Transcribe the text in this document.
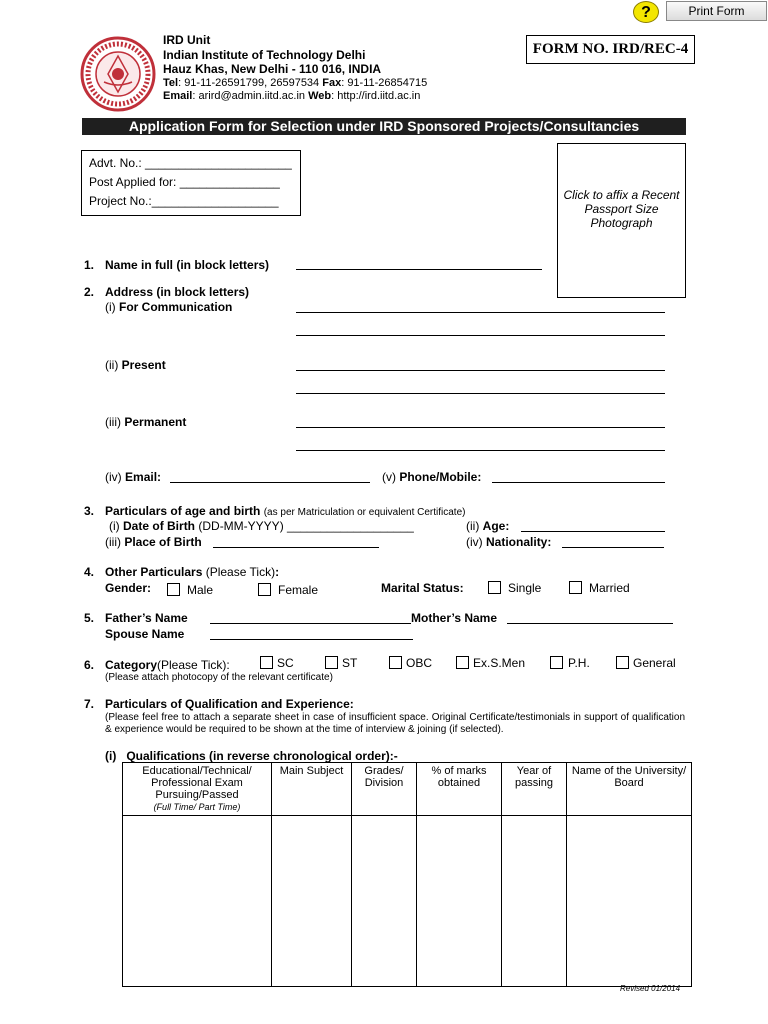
?	Print Form
IRD Unit
Indian Institute of Technology Delhi
Hauz Khas, New Delhi - 110 016, INDIA
Tel: 91-11-26591799, 26597534 Fax: 91-11-26854715
Email: arird@admin.iitd.ac.in Web: http://ird.iitd.ac.in
FORM NO. IRD/REC-4
Application Form for Selection under IRD Sponsored Projects/Consultancies
Advt. No.: ______________________
Post Applied for: _______________
Project No.:___________________	Click to affix a Recent Passport Size Photograph
1. Name in full (in block letters)
2. Address (in block letters)
(i) For Communication
(ii) Present
(iii) Permanent
(iv) Email:	(v) Phone/Mobile:
3. Particulars of age and birth (as per Matriculation or equivalent Certificate)
(i) Date of Birth (DD-MM-YYYY) ___________________	(ii) Age:
(iii) Place of Birth	(iv) Nationality:
4. Other Particulars (Please Tick):
Gender:	Male	Female	Marital Status:	Single	Married
5. Father’s Name	Mother’s Name
Spouse Name
6. Category(Please Tick):	SC	ST	OBC	Ex.S.Men	P.H.	General
(Please attach photocopy of the relevant certificate)
7. Particulars of Qualification and Experience:
(Please feel free to attach a separate sheet in case of insufficient space. Original Certificate/testimonials in support of qualification & experience would be required to be shown at the time of interview & joining (if selected).
(i) Qualifications (in reverse chronological order):-
Educational/Technical/ Professional Exam Pursuing/Passed
(Full Time/ Part Time)	Main Subject	Grades/ Division	% of marks obtained	Year of passing	Name of the University/ Board

Revised 01/2014
